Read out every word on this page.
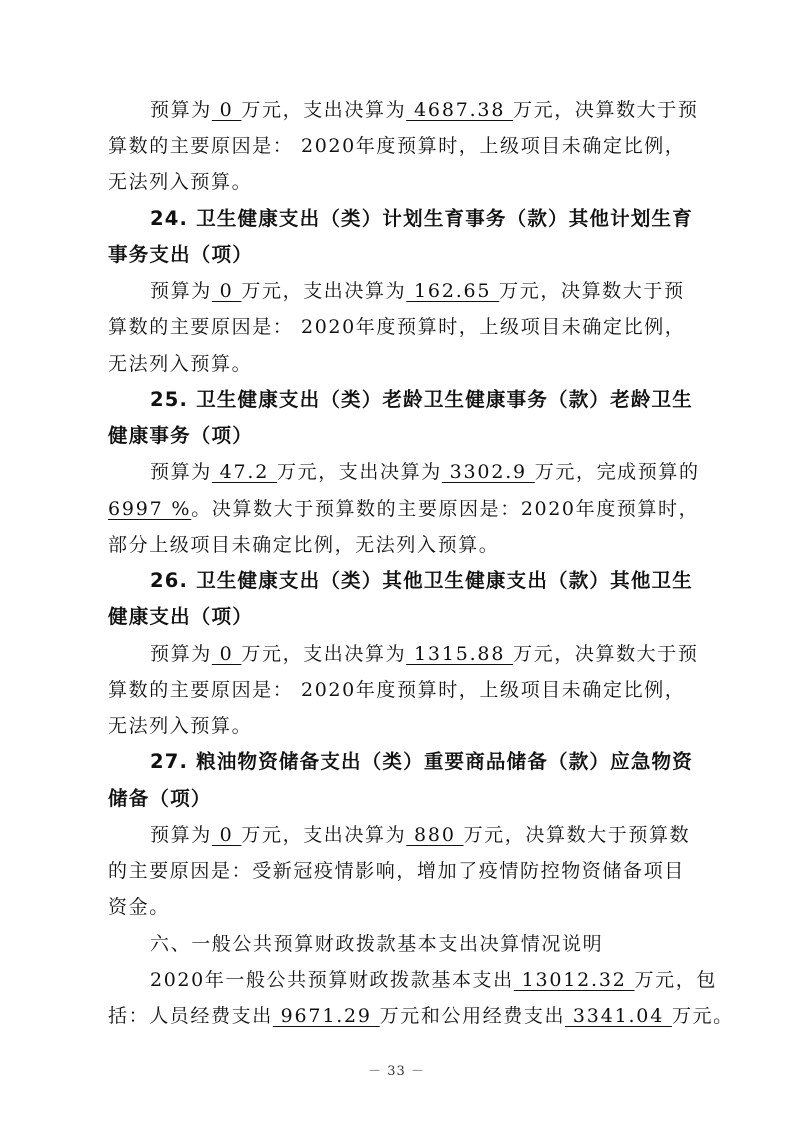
预算为 0 万元，支出决算为 4687.38 万元，决算数大于预
算数的主要原因是： 2020年度预算时，上级项目未确定比例，
无法列入预算。
24. 卫生健康支出（类）计划生育事务（款）其他计划生育
事务支出（项）
预算为 0 万元，支出决算为 162.65 万元，决算数大于预
算数的主要原因是： 2020年度预算时，上级项目未确定比例，
无法列入预算。
25. 卫生健康支出（类）老龄卫生健康事务（款）老龄卫生
健康事务（项）
预算为 47.2 万元，支出决算为 3302.9 万元，完成预算的
6997 %。决算数大于预算数的主要原因是：2020年度预算时，
部分上级项目未确定比例，无法列入预算。
26. 卫生健康支出（类）其他卫生健康支出（款）其他卫生
健康支出（项）
预算为 0 万元，支出决算为 1315.88 万元，决算数大于预
算数的主要原因是： 2020年度预算时，上级项目未确定比例，
无法列入预算。
27. 粮油物资储备支出（类）重要商品储备（款）应急物资
储备（项）
预算为 0 万元，支出决算为 880 万元，决算数大于预算数
的主要原因是：受新冠疫情影响，增加了疫情防控物资储备项目
资金。
六、一般公共预算财政拨款基本支出决算情况说明
2020年一般公共预算财政拨款基本支出 13012.32 万元，包
括：人员经费支出 9671.29 万元和公用经费支出 3341.04 万元。
－ 33 －
